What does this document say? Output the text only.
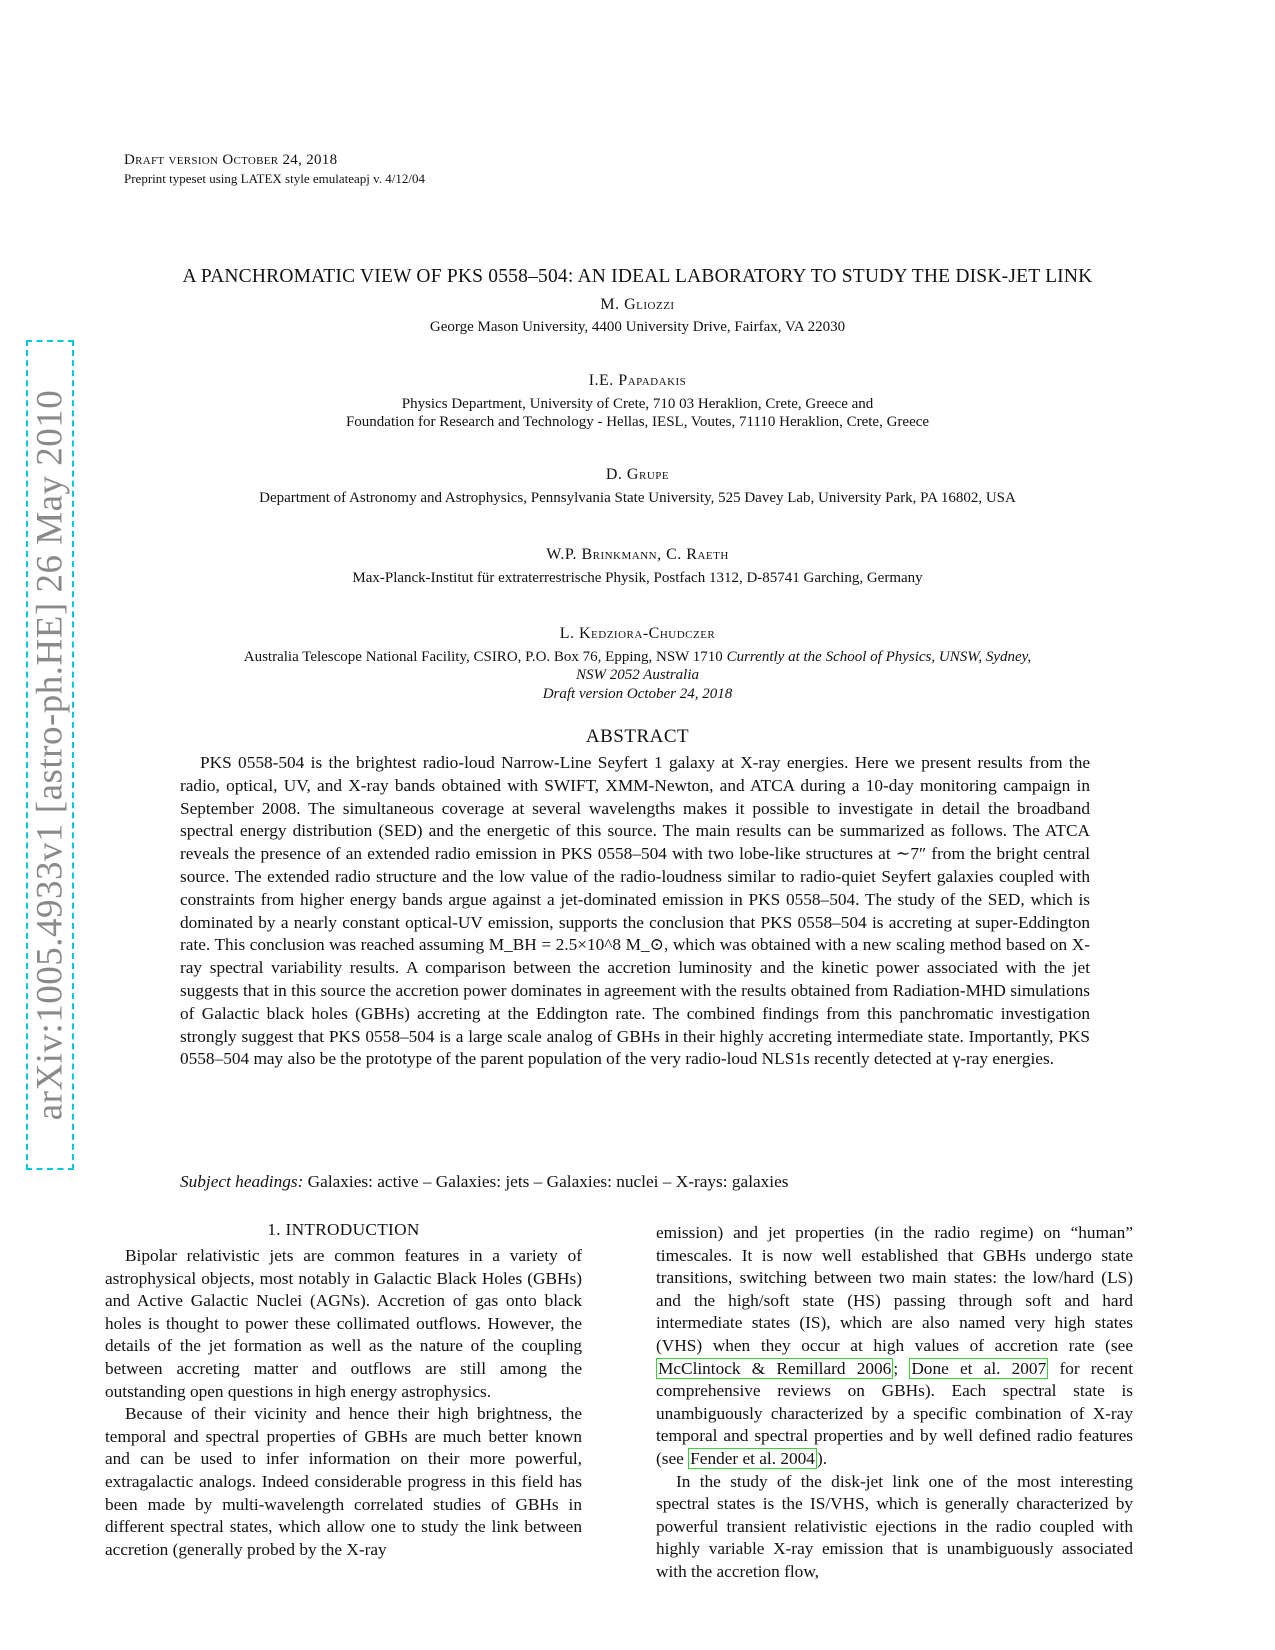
arXiv:1005.4933v1 [astro-ph.HE] 26 May 2010
Draft version October 24, 2018
Preprint typeset using LATEX style emulateapj v. 4/12/04
A PANCHROMATIC VIEW OF PKS 0558–504: AN IDEAL LABORATORY TO STUDY THE DISK-JET LINK
M. Gliozzi
George Mason University, 4400 University Drive, Fairfax, VA 22030
I.E. Papadakis
Physics Department, University of Crete, 710 03 Heraklion, Crete, Greece and
Foundation for Research and Technology - Hellas, IESL, Voutes, 71110 Heraklion, Crete, Greece
D. Grupe
Department of Astronomy and Astrophysics, Pennsylvania State University, 525 Davey Lab, University Park, PA 16802, USA
W.P. Brinkmann, C. Raeth
Max-Planck-Institut für extraterrestrische Physik, Postfach 1312, D-85741 Garching, Germany
L. Kedziora-Chudczer
Australia Telescope National Facility, CSIRO, P.O. Box 76, Epping, NSW 1710 Currently at the School of Physics, UNSW, Sydney,
NSW 2052 Australia
Draft version October 24, 2018
ABSTRACT

PKS 0558-504 is the brightest radio-loud Narrow-Line Seyfert 1 galaxy at X-ray energies. Here we present results from the radio, optical, UV, and X-ray bands obtained with SWIFT, XMM-Newton, and ATCA during a 10-day monitoring campaign in September 2008. The simultaneous coverage at several wavelengths makes it possible to investigate in detail the broadband spectral energy distribution (SED) and the energetic of this source. The main results can be summarized as follows. The ATCA reveals the presence of an extended radio emission in PKS 0558–504 with two lobe-like structures at ∼7″ from the bright central source. The extended radio structure and the low value of the radio-loudness similar to radio-quiet Seyfert galaxies coupled with constraints from higher energy bands argue against a jet-dominated emission in PKS 0558–504. The study of the SED, which is dominated by a nearly constant optical-UV emission, supports the conclusion that PKS 0558–504 is accreting at super-Eddington rate. This conclusion was reached assuming M_BH = 2.5×10^8 M_⊙, which was obtained with a new scaling method based on X-ray spectral variability results. A comparison between the accretion luminosity and the kinetic power associated with the jet suggests that in this source the accretion power dominates in agreement with the results obtained from Radiation-MHD simulations of Galactic black holes (GBHs) accreting at the Eddington rate. The combined findings from this panchromatic investigation strongly suggest that PKS 0558–504 is a large scale analog of GBHs in their highly accreting intermediate state. Importantly, PKS 0558–504 may also be the prototype of the parent population of the very radio-loud NLS1s recently detected at γ-ray energies.

Subject headings: Galaxies: active – Galaxies: jets – Galaxies: nuclei – X-rays: galaxies
1. INTRODUCTION

Bipolar relativistic jets are common features in a variety of astrophysical objects, most notably in Galactic Black Holes (GBHs) and Active Galactic Nuclei (AGNs). Accretion of gas onto black holes is thought to power these collimated outflows. However, the details of the jet formation as well as the nature of the coupling between accreting matter and outflows are still among the outstanding open questions in high energy astrophysics.

Because of their vicinity and hence their high brightness, the temporal and spectral properties of GBHs are much better known and can be used to infer information on their more powerful, extragalactic analogs. Indeed considerable progress in this field has been made by multi-wavelength correlated studies of GBHs in different spectral states, which allow one to study the link between accretion (generally probed by the X-ray

emission) and jet properties (in the radio regime) on “human” timescales. It is now well established that GBHs undergo state transitions, switching between two main states: the low/hard (LS) and the high/soft state (HS) passing through soft and hard intermediate states (IS), which are also named very high states (VHS) when they occur at high values of accretion rate (see McClintock & Remillard 2006 ; Done et al. 2007 for recent comprehensive reviews on GBHs). Each spectral state is unambiguously characterized by a specific combination of X-ray temporal and spectral properties and by well defined radio features (see Fender et al. 2004 ).

In the study of the disk-jet link one of the most interesting spectral states is the IS/VHS, which is generally characterized by powerful transient relativistic ejections in the radio coupled with highly variable X-ray emission that is unambiguously associated with the accretion flow,
